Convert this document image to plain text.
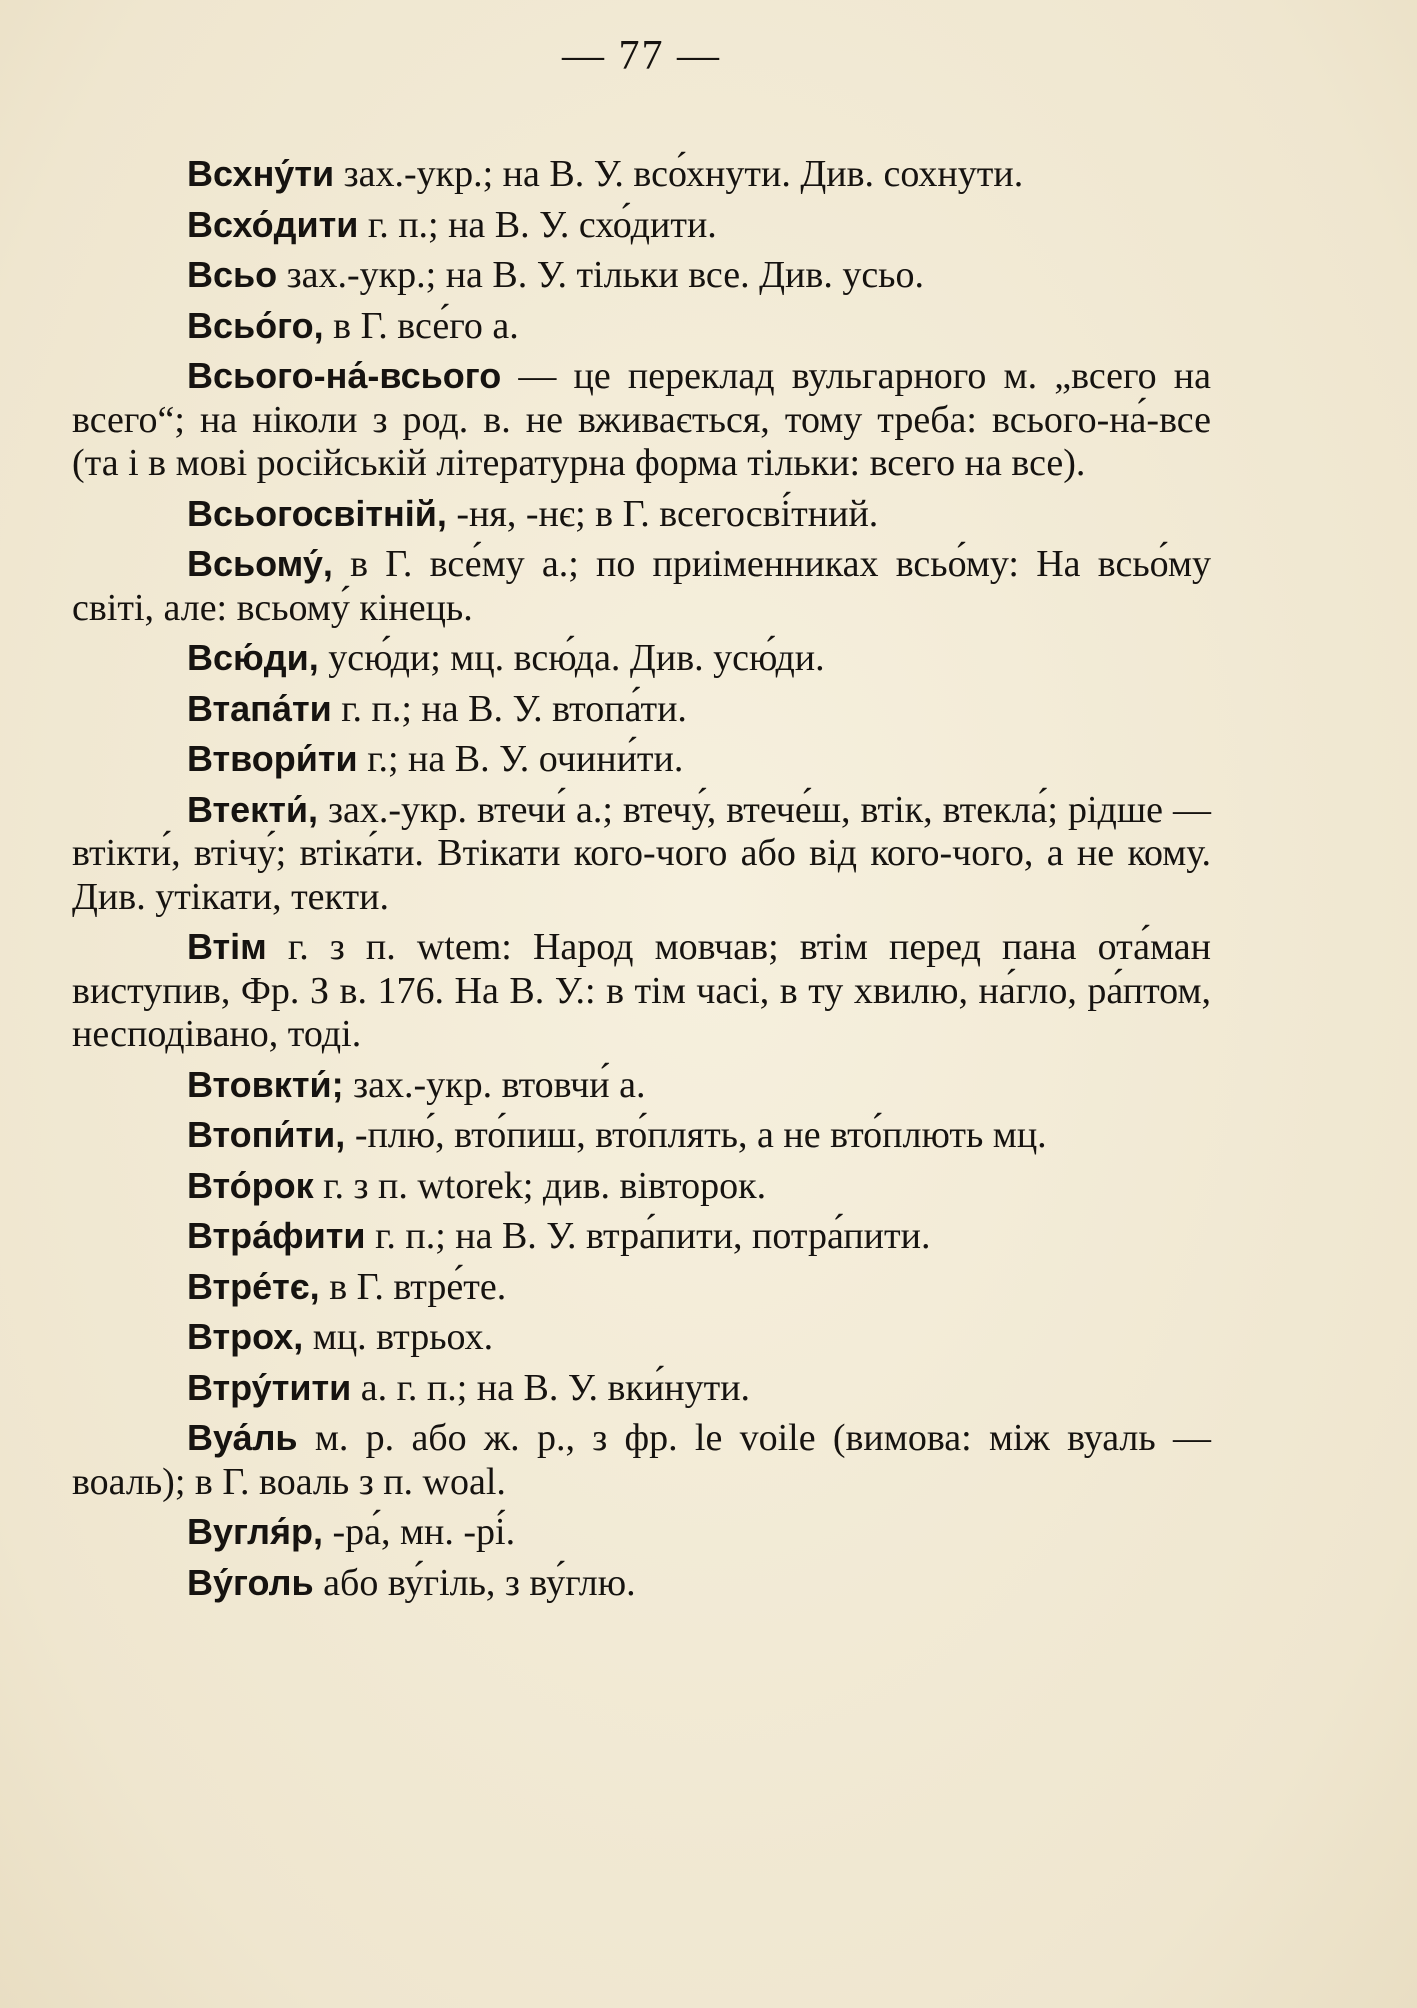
— 77 —

Всхну́ти зах.-укр.; на В. У. всо́хнути. Див. сохнути.

Всхо́дити г. п.; на В. У. схо́дити.

Всьо зах.-укр.; на В. У. тільки все. Див. усьо.

Всьо́го, в Г. все́го а.

Всього-на́-всього — це переклад вульгарного м. „всего на всего“; на ніколи з род. в. не вживається, тому треба: всього-на́-все (та і в мові російській літературна форма тільки: всего на все).

Всьогосвітній, -ня, -нє; в Г. всегосві́тний.

Всьому́, в Г. все́му а.; по приіменниках всьо́му: На всьо́му світі, але: всьому́ кінець.

Всю́ди, усю́ди; мц. всю́да. Див. усю́ди.

Втапа́ти г. п.; на В. У. втопа́ти.

Втвори́ти г.; на В. У. очини́ти.

Втекти́, зах.-укр. втечи́ а.; втечу́, втече́ш, втік, втекла́; рідше — втікти́, втічу́; втіка́ти. Втікати кого-чого або від кого-чого, а не кому. Див. утікати, текти.

Втім г. з п. wtem: Народ мовчав; втім перед пана ота́ман виступив, Фр. З в. 176. На В. У.: в тім часі, в ту хвилю, на́гло, ра́птом, несподівано, тоді.

Втовкти́; зах.-укр. втовчи́ а.

Втопи́ти, -плю́, вто́пиш, вто́плять, а не вто́плють мц.

Вто́рок г. з п. wtorek; див. вівторок.

Втра́фити г. п.; на В. У. втра́пити, потра́пити.

Втре́тє, в Г. втре́те.

Втрох, мц. втрьох.

Втру́тити а. г. п.; на В. У. вки́нути.

Вуа́ль м. р. або ж. р., з фр. le voile (вимова: між вуаль — воаль); в Г. воаль з п. woal.

Вугля́р, -ра́, мн. -рі́.

Ву́голь або ву́гіль, з ву́глю.
